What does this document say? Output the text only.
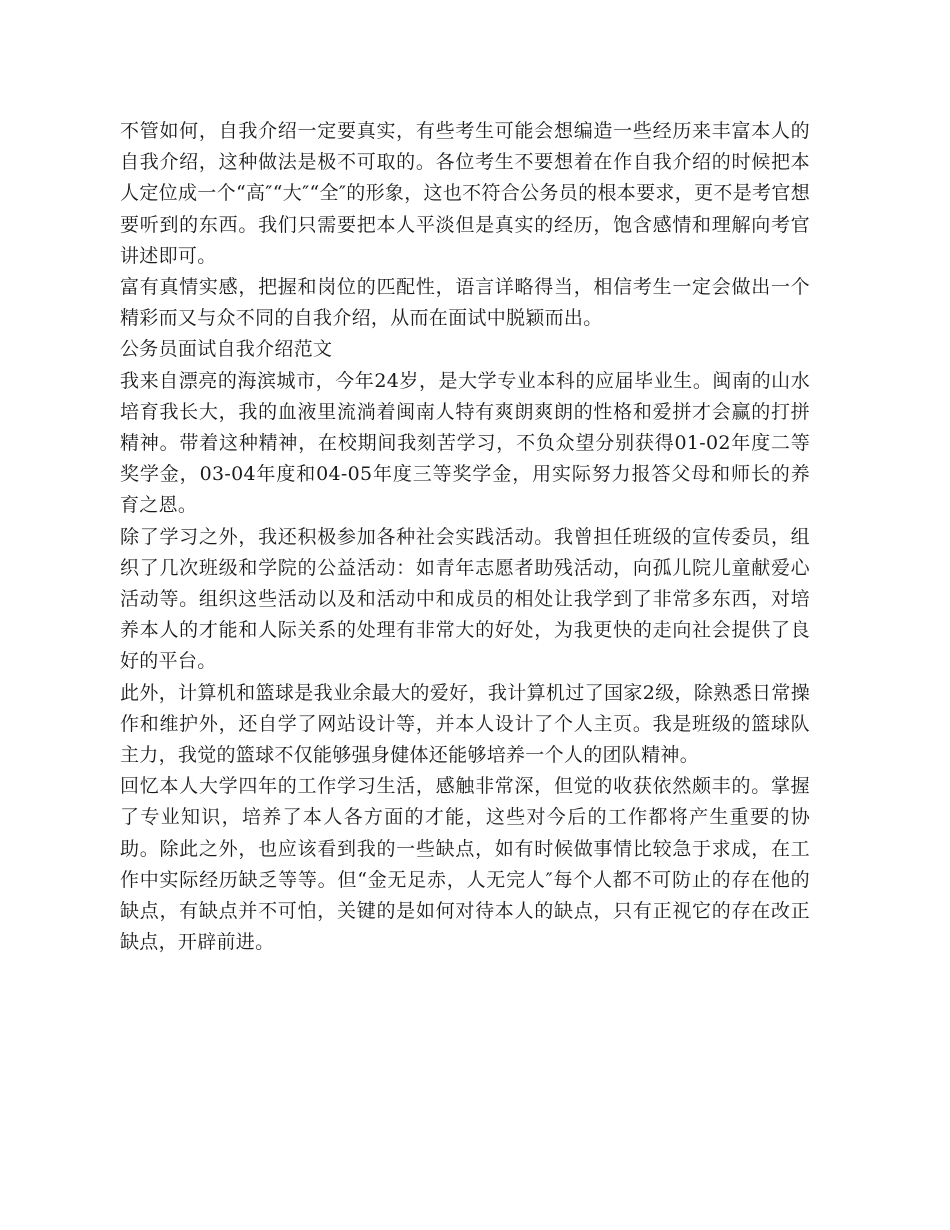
不管如何，自我介绍一定要真实，有些考生可能会想编造一些经历来丰富本人的自我介绍，这种做法是极不可取的。各位考生不要想着在作自我介绍的时候把本人定位成一个“高″“大″“全″的形象，这也不符合公务员的根本要求，更不是考官想要听到的东西。我们只需要把本人平淡但是真实的经历，饱含感情和理解向考官讲述即可。

富有真情实感，把握和岗位的匹配性，语言详略得当，相信考生一定会做出一个精彩而又与众不同的自我介绍，从而在面试中脱颖而出。

公务员面试自我介绍范文

我来自漂亮的海滨城市，今年24岁，是大学专业本科的应届毕业生。闽南的山水培育我长大，我的血液里流淌着闽南人特有爽朗爽朗的性格和爱拼才会赢的打拼精神。带着这种精神，在校期间我刻苦学习，不负众望分别获得01-02年度二等奖学金，03-04年度和04-05年度三等奖学金，用实际努力报答父母和师长的养育之恩。

除了学习之外，我还积极参加各种社会实践活动。我曾担任班级的宣传委员，组织了几次班级和学院的公益活动：如青年志愿者助残活动，向孤儿院儿童献爱心活动等。组织这些活动以及和活动中和成员的相处让我学到了非常多东西，对培养本人的才能和人际关系的处理有非常大的好处，为我更快的走向社会提供了良好的平台。

此外，计算机和篮球是我业余最大的爱好，我计算机过了国家2级，除熟悉日常操作和维护外，还自学了网站设计等，并本人设计了个人主页。我是班级的篮球队主力，我觉的篮球不仅能够强身健体还能够培养一个人的团队精神。

回忆本人大学四年的工作学习生活，感触非常深，但觉的收获依然颇丰的。掌握了专业知识，培养了本人各方面的才能，这些对今后的工作都将产生重要的协助。除此之外，也应该看到我的一些缺点，如有时候做事情比较急于求成，在工作中实际经历缺乏等等。但“金无足赤，人无完人″每个人都不可防止的存在他的缺点，有缺点并不可怕，关键的是如何对待本人的缺点，只有正视它的存在改正缺点，开辟前进。
